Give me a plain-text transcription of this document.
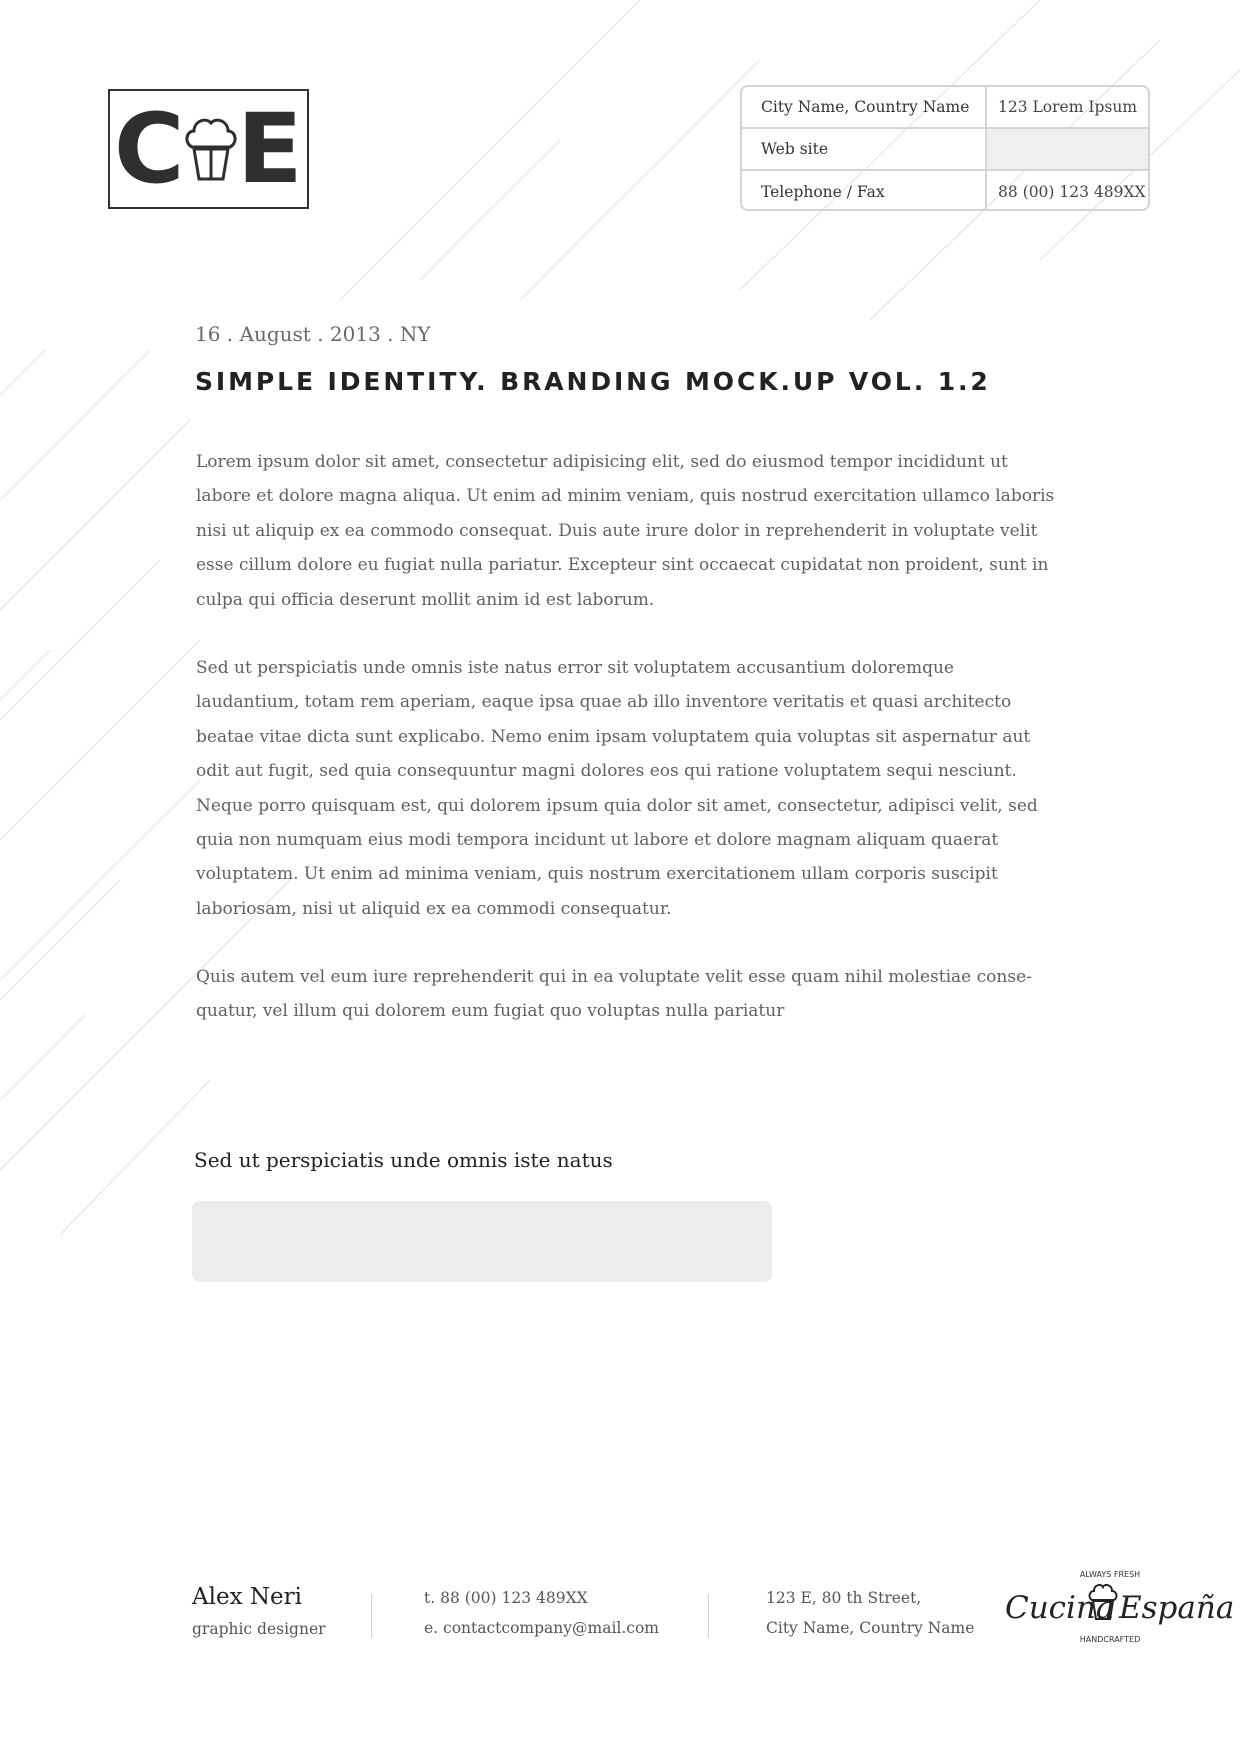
C E	City Name, Country Name	123 Lorem Ipsum
Web site
Telephone / Fax	88 (00) 123 489XX
16 . August . 2013 . NY
SIMPLE IDENTITY. BRANDING MOCK.UP VOL. 1.2

Lorem ipsum dolor sit amet, consectetur adipisicing elit, sed do eiusmod tempor incididunt ut labore et dolore magna aliqua. Ut enim ad minim veniam, quis nostrud exercitation ullamco laboris nisi ut aliquip ex ea commodo consequat. Duis aute irure dolor in reprehenderit in voluptate velit esse cillum dolore eu fugiat nulla pariatur. Excepteur sint occaecat cupidatat non proident, sunt in culpa qui officia deserunt mollit anim id est laborum.

Sed ut perspiciatis unde omnis iste natus error sit voluptatem accusantium doloremque laudantium, totam rem aperiam, eaque ipsa quae ab illo inventore veritatis et quasi architecto beatae vitae dicta sunt explicabo. Nemo enim ipsam voluptatem quia voluptas sit aspernatur aut odit aut fugit, sed quia consequuntur magni dolores eos qui ratione voluptatem sequi nesciunt. Neque porro quisquam est, qui dolorem ipsum quia dolor sit amet, consectetur, adipisci velit, sed quia non numquam eius modi tempora incidunt ut labore et dolore magnam aliquam quaerat voluptatem. Ut enim ad minima veniam, quis nostrum exercitationem ullam corporis suscipit laboriosam, nisi ut aliquid ex ea commodi consequatur.

Quis autem vel eum iure reprehenderit qui in ea voluptate velit esse quam nihil molestiae conse-quatur, vel illum qui dolorem eum fugiat quo voluptas nulla pariatur

Sed ut perspiciatis unde omnis iste natus
Alex Neri
graphic designer
t. 88 (00) 123 489XX
e. contactcompany@mail.com
123 E, 80 th Street,
City Name, Country Name
ALWAYS FRESH
Cucina España
HANDCRAFTED
